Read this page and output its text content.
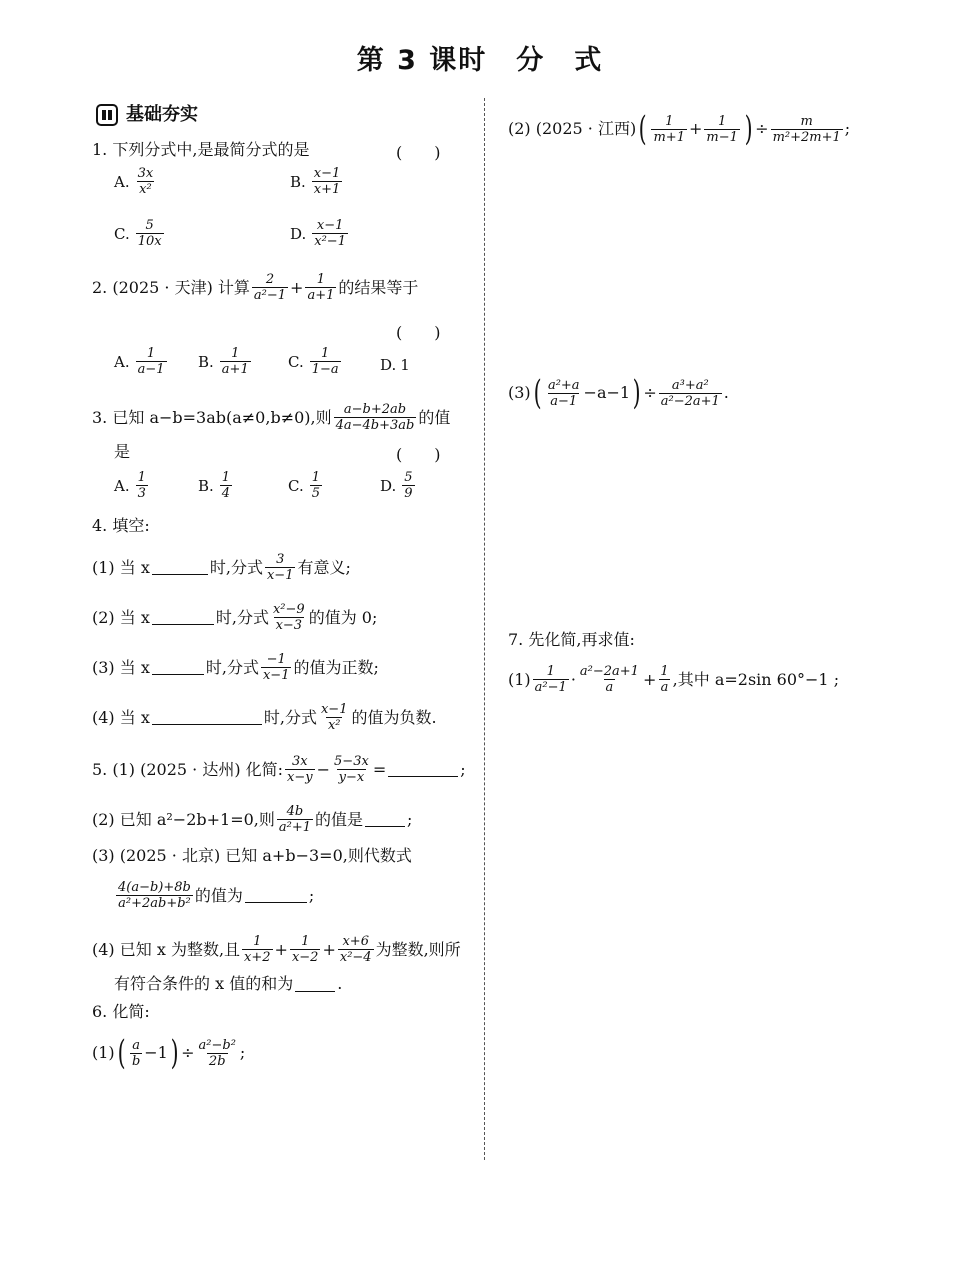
第 3 课时　分　式
基础夯实
1. 下列分式中,是最简分式的是	(　　)
A. $\frac{3x}{\text{x²}}$	B. $\frac{x-1}{x+1}$
C. $\frac{5}{10x}$	D. $\frac{x-1}{\text{x²−1}}$
2. (2025 · 天津) 计算 $\frac{2}{\text{a²−1}} + \frac{1}{a+1}$ 的结果等于
(　　)
A. $\frac{1}{a-1} B$. $\frac{1}{a+1} C$. $\frac{1}{1-a}$	D. 1
3. 已知 a−b=3ab(a≠0,b≠0),则 $\frac{a-b+2ab}{4a-4b+3ab}$ 的值
是	(　　)
A. $\frac{1}{3}$	B. $\frac{1}{4}$	C. $\frac{1}{5}$	D. $\frac{5}{9}$
4. 填空:
(1) 当 x	时,分式 $\frac{3}{x-1}$ 有意义;
(2) 当 x	时,分式 $\frac{\text{x²−9}}{x-3}$ 的值为 0;
(3) 当 x	时,分式 $\frac{-1}{x-1}$ 的值为正数;
(4) 当 x	时,分式 $\frac{x-1}{\text{x²}}$ 的值为负数.
5. (1) (2025 · 达州) 化简: $\frac{3x}{x-y} - \frac{5-3x}{y-x}$ =	;
(2) 已知 a²−2b+1=0,则 $\frac{4b}{\text{a²+1}}$ 的值是	;
(3) (2025 · 北京) 已知 a+b−3=0,则代数式
$\frac{4(a-b)+8b}{\text{a²+2ab+b²}}$ 的值为	;
(4) 已知 x 为整数,且 $\frac{1}{x+2} + \frac{1}{x-2} + \frac{x+6}{\text{x²−4}}$ 为整数,则所
有符合条件的 x 值的和为	.
6. 化简:
(1) ( $\frac{a}{b} -1$ ) ÷ $\frac{\text{a²−b²}}{2b}$ ;
(2) (2025 · 江西) ( $\frac{1}{m+1} + \frac{1}{m-1}$ ) ÷ $\frac{m}{\text{m²+2m+1}}$ ;
(3) ( $\frac{\text{a²+a}}{a-1} -a-1$ ) ÷ $\frac{\text{a³+a²}}{\text{a²−2a+1}}$ .
7. 先化简,再求值:
$(1) \frac{1}{\text{a²−1}} \cdot \frac{\text{a²−2a+1}}{a} + \frac{1}{a}$ ,其中 a=2sin 60°−1 ;
